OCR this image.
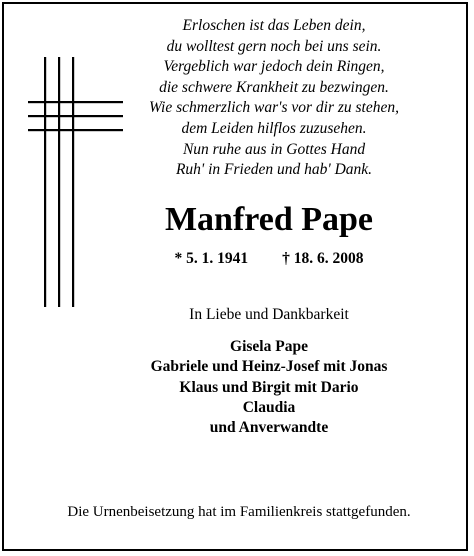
Erloschen ist das Leben dein,
du wolltest gern noch bei uns sein.
Vergeblich war jedoch dein Ringen,
die schwere Krankheit zu bezwingen.
Wie schmerzlich war's vor dir zu stehen,
dem Leiden hilflos zuzusehen.
Nun ruhe aus in Gottes Hand
Ruh' in Frieden und hab' Dank.
Manfred Pape
* 5. 1. 1941 † 18. 6. 2008
In Liebe und Dankbarkeit
Gisela Pape
Gabriele und Heinz-Josef mit Jonas
Klaus und Birgit mit Dario
Claudia
und Anverwandte
Die Urnenbeisetzung hat im Familienkreis stattgefunden.
